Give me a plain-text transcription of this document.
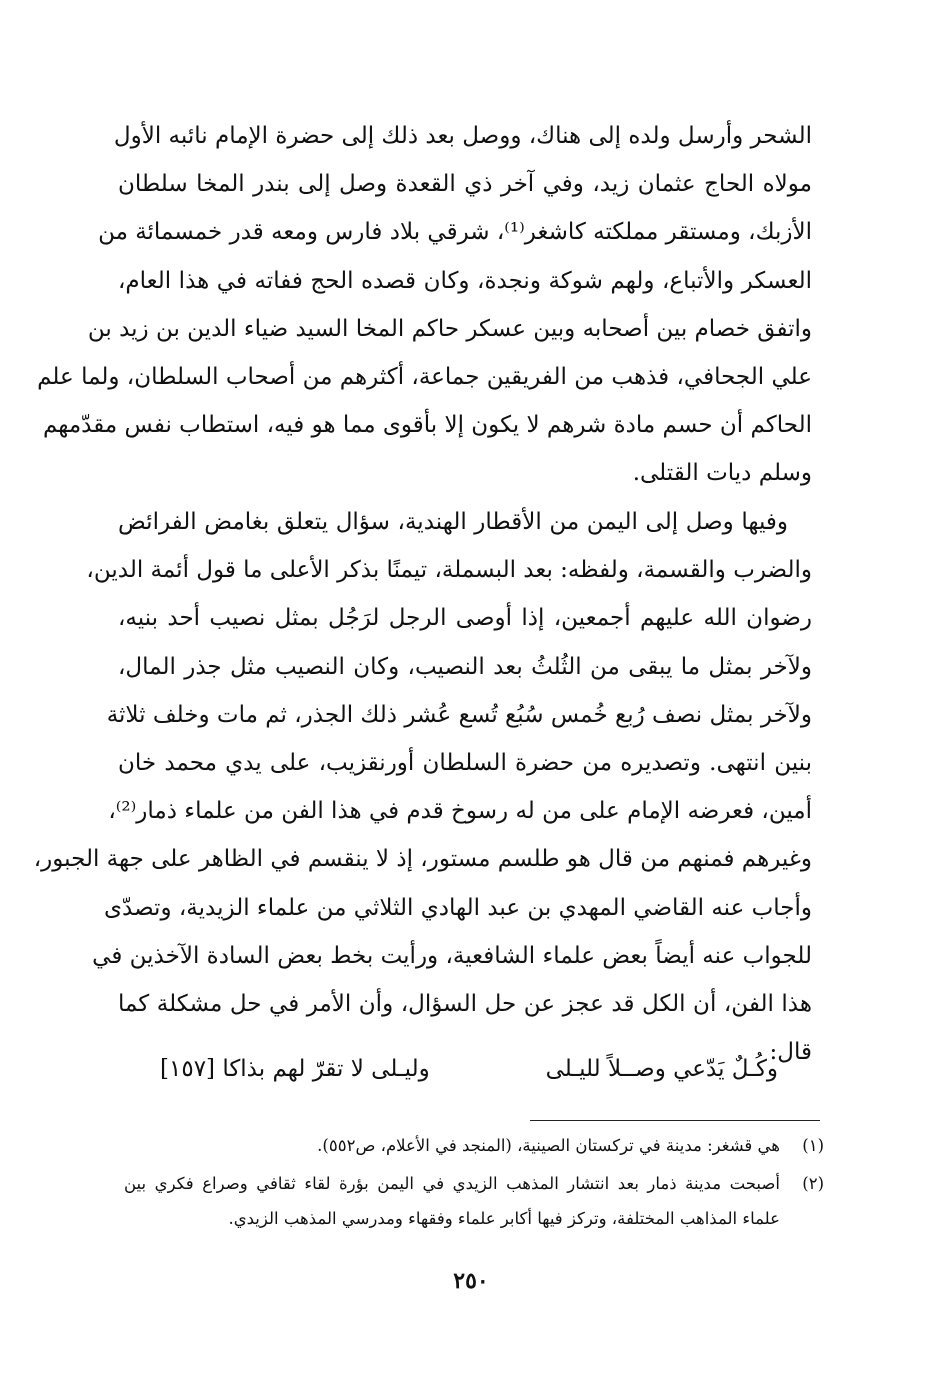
الشحر وأرسل ولده إلى هناك، ووصل بعد ذلك إلى حضرة الإمام نائبه الأول
مولاه الحاج عثمان زيد، وفي آخر ذي القعدة وصل إلى بندر المخا سلطان
الأزبك، ومستقر مملكته كاشغر⁽¹⁾، شرقي بلاد فارس ومعه قدر خمسمائة من
العسكر والأتباع، ولهم شوكة ونجدة، وكان قصده الحج ففاته في هذا العام،
واتفق خصام بين أصحابه وبين عسكر حاكم المخا السيد ضياء الدين بن زيد بن
علي الجحافي، فذهب من الفريقين جماعة، أكثرهم من أصحاب السلطان، ولما علم
الحاكم أن حسم مادة شرهم لا يكون إلا بأقوى مما هو فيه، استطاب نفس مقدّمهم
وسلم ديات القتلى.
وفيها وصل إلى اليمن من الأقطار الهندية، سؤال يتعلق بغامض الفرائض
والضرب والقسمة، ولفظه: بعد البسملة، تيمنًا بذكر الأعلى ما قول أئمة الدين،
رضوان الله عليهم أجمعين، إذا أوصى الرجل لرَجُل بمثل نصيب أحد بنيه،
ولآخر بمثل ما يبقى من الثُلثُ بعد النصيب، وكان النصيب مثل جذر المال،
ولآخر بمثل نصف رُبع خُمس سُبُع تُسع عُشر ذلك الجذر، ثم مات وخلف ثلاثة
بنين انتهى. وتصديره من حضرة السلطان أورنقزيب، على يدي محمد خان
أمين، فعرضه الإمام على من له رسوخ قدم في هذا الفن من علماء ذمار⁽²⁾،
وغيرهم فمنهم من قال هو طلسم مستور، إذ لا ينقسم في الظاهر على جهة الجبور،
وأجاب عنه القاضي المهدي بن عبد الهادي الثلاثي من علماء الزيدية، وتصدّى
للجواب عنه أيضاً بعض علماء الشافعية، ورأيت بخط بعض السادة الآخذين في
هذا الفن، أن الكل قد عجز عن حل السؤال، وأن الأمر في حل مشكلة كما
قال:
وكُـلٌ يَدّعي وصــلاً لليـلى
وليـلى لا تقرّ لهم بذاكا [١٥٧]
(١)
هي قشغر: مدينة في تركستان الصينية، (المنجد في الأعلام، ص٥٥٢).
(٢)
أصبحت مدينة ذمار بعد انتشار المذهب الزيدي في اليمن بؤرة لقاء ثقافي وصراع فكري بين
علماء المذاهب المختلفة، وتركز فيها أكابر علماء وفقهاء ومدرسي المذهب الزيدي.
٢٥٠
